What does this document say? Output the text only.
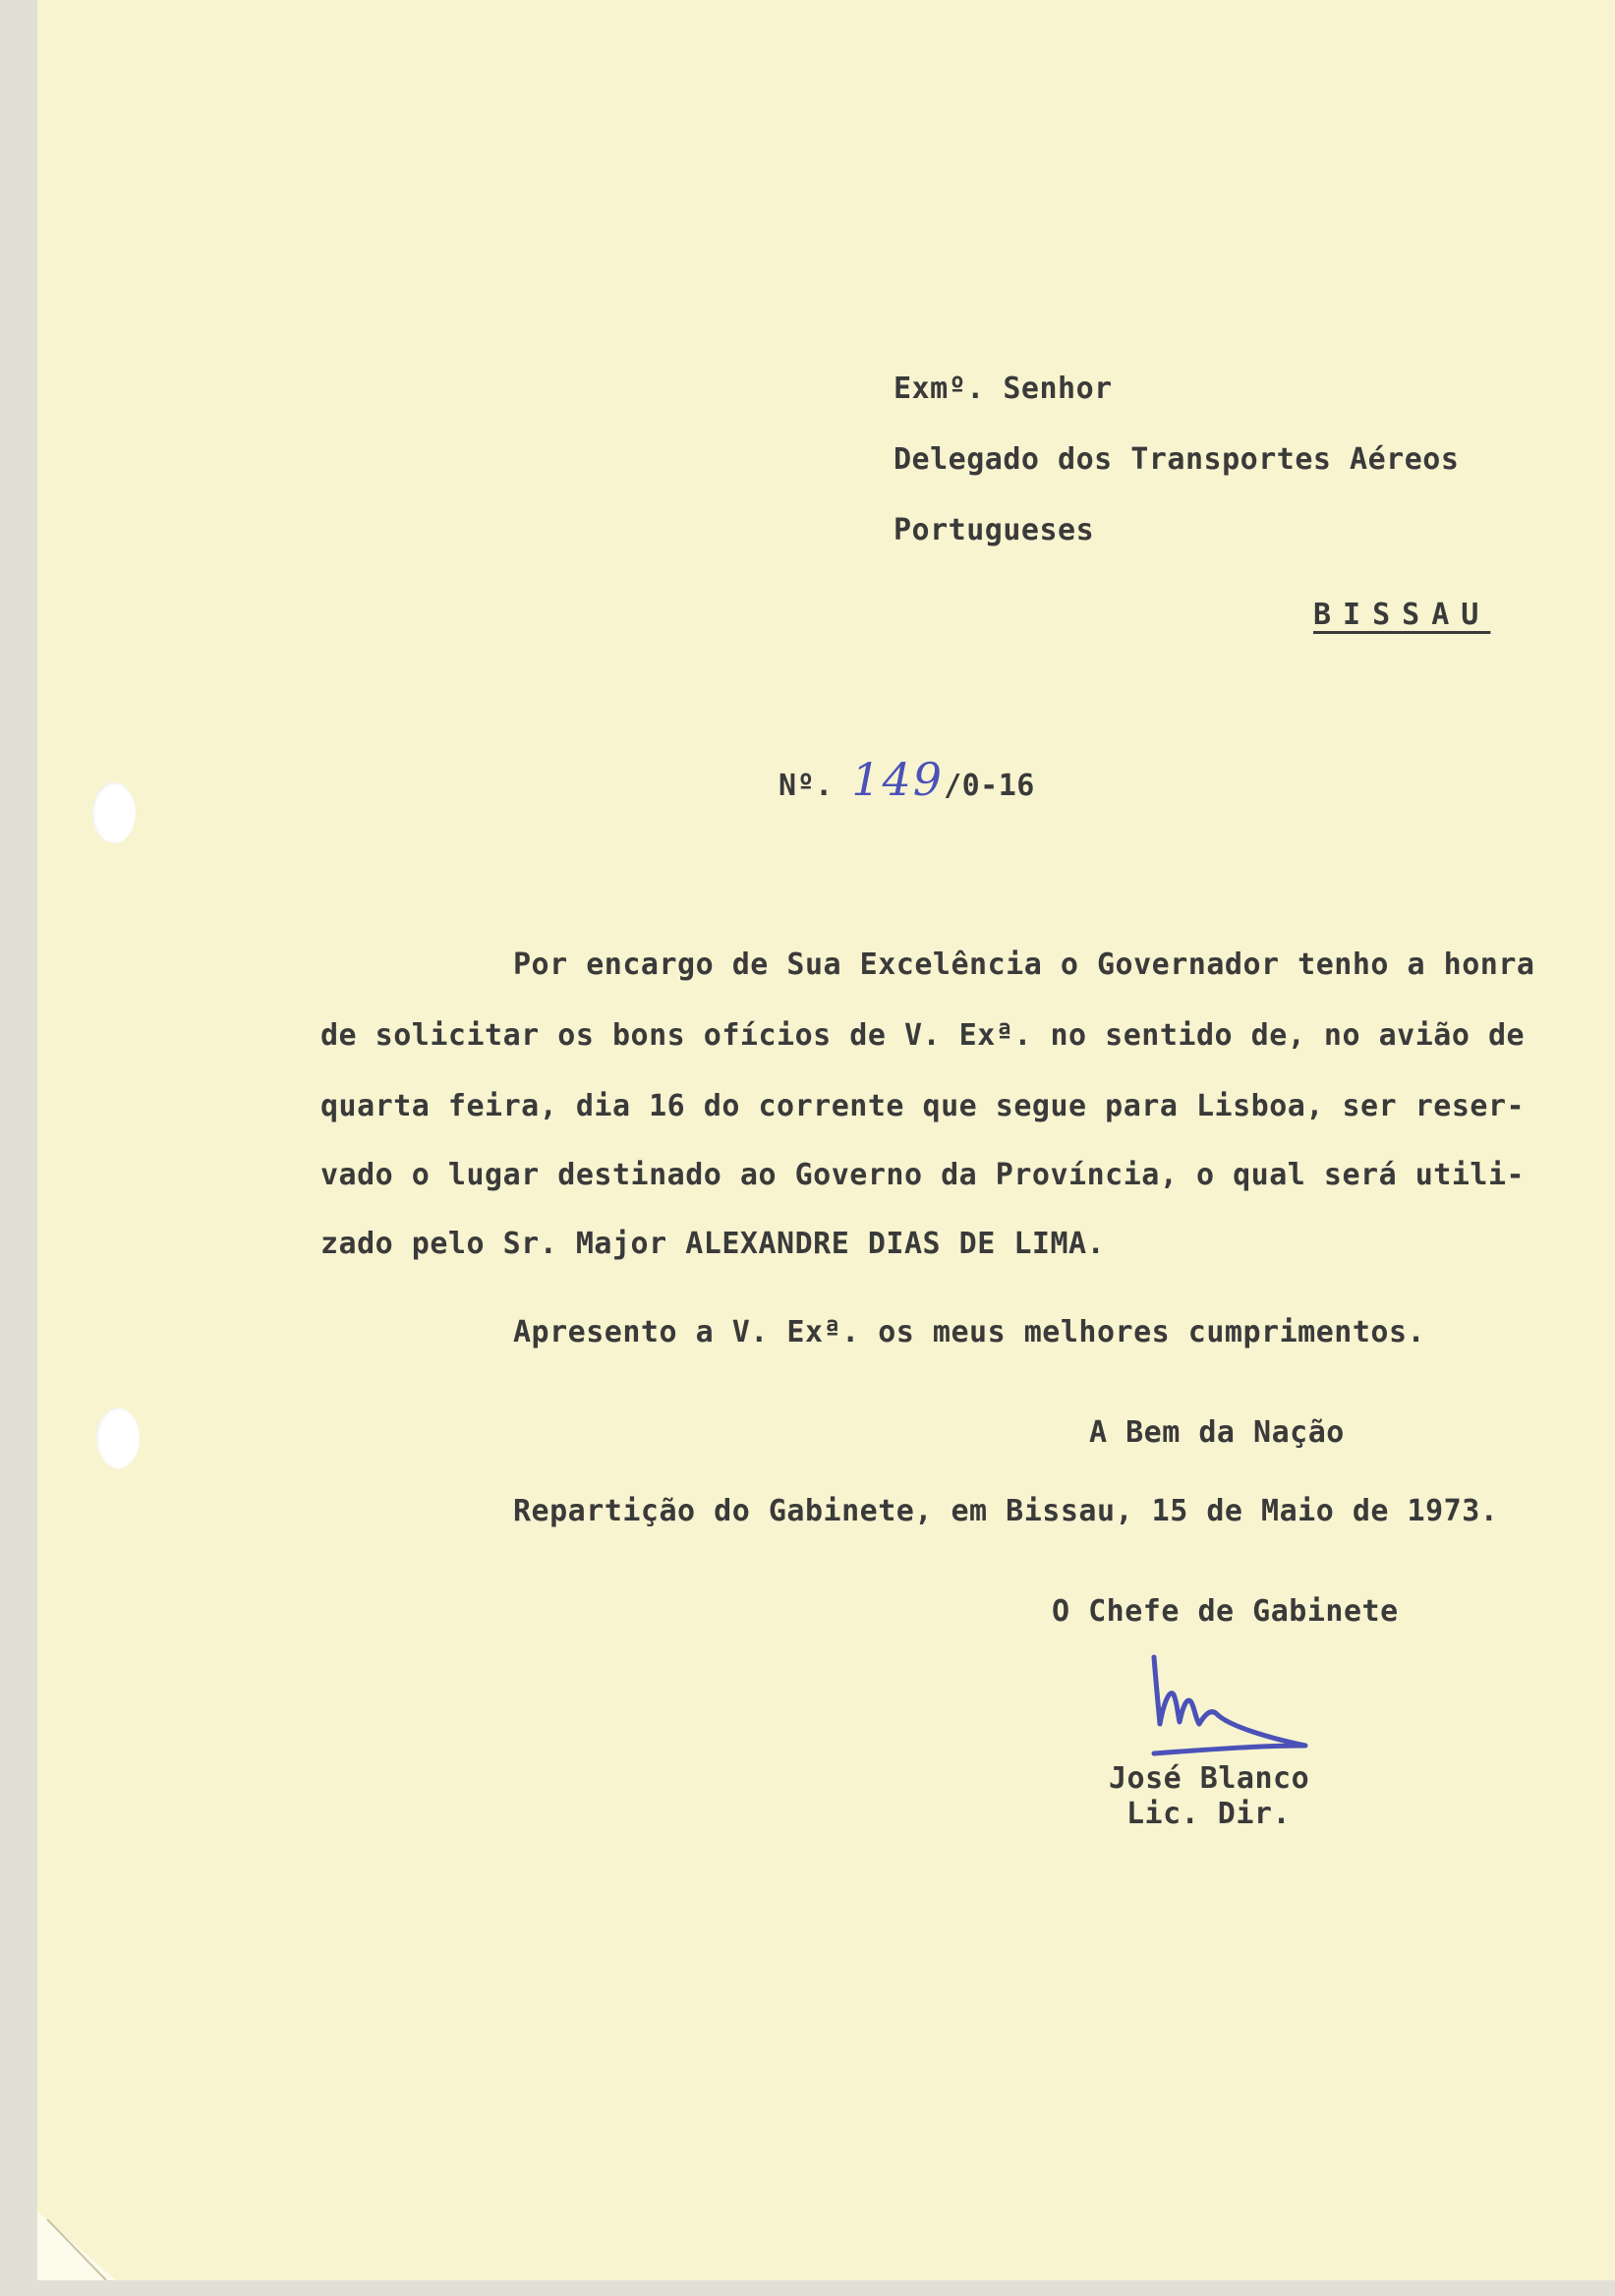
Exmº. Senhor
Delegado dos Transportes Aéreos
Portugueses
BISSAU
Nº. 149/0-16
Por encargo de Sua Excelência o Governador tenho a honra
de solicitar os bons ofícios de V. Exª. no sentido de, no avião de
quarta feira, dia 16 do corrente que segue para Lisboa, ser reser-
vado o lugar destinado ao Governo da Província, o qual será utili-
zado pelo Sr. Major ALEXANDRE DIAS DE LIMA.
Apresento a V. Exª. os meus melhores cumprimentos.
A Bem da Nação
Repartição do Gabinete, em Bissau, 15 de Maio de 1973.
O Chefe de Gabinete
José Blanco
Lic. Dir.
